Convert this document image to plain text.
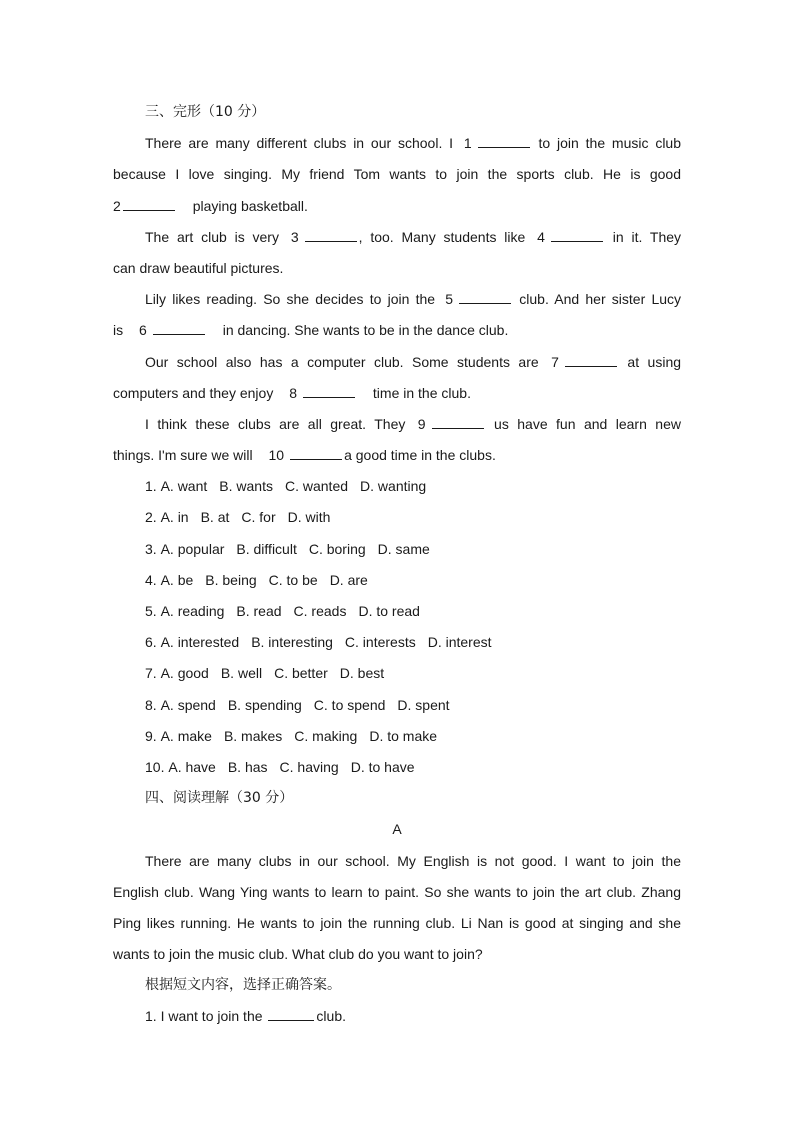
三、完形（10 分）
There are many different clubs in our school. I 1	to join the music club
because I love singing. My friend Tom wants to join the sports club. He is good
2	playing basketball.
The art club is very 3	, too. Many students like 4	in it. They
can draw beautiful pictures.
Lily likes reading. So she decides to join the 5	club. And her sister Lucy
is 6	in dancing. She wants to be in the dance club.
Our school also has a computer club. Some students are 7	at using
computers and they enjoy 8	time in the club.
I think these clubs are all great. They 9	us have fun and learn new
things. I'm sure we will 10	a good time in the clubs.
1. A. want B. wants C. wanted D. wanting
2. A. in B. at C. for D. with
3. A. popular B. difficult C. boring D. same
4. A. be B. being C. to be D. are
5. A. reading B. read C. reads D. to read
6. A. interested B. interesting C. interests D. interest
7. A. good B. well C. better D. best
8. A. spend B. spending C. to spend D. spent
9. A. make B. makes C. making D. to make
10. A. have B. has C. having D. to have
四、阅读理解（30 分）
A
There are many clubs in our school. My English is not good. I want to join the
English club. Wang Ying wants to learn to paint. So she wants to join the art club. Zhang
Ping likes running. He wants to join the running club. Li Nan is good at singing and she
wants to join the music club. What club do you want to join?
根据短文内容，选择正确答案。
1. I want to join the	club.
